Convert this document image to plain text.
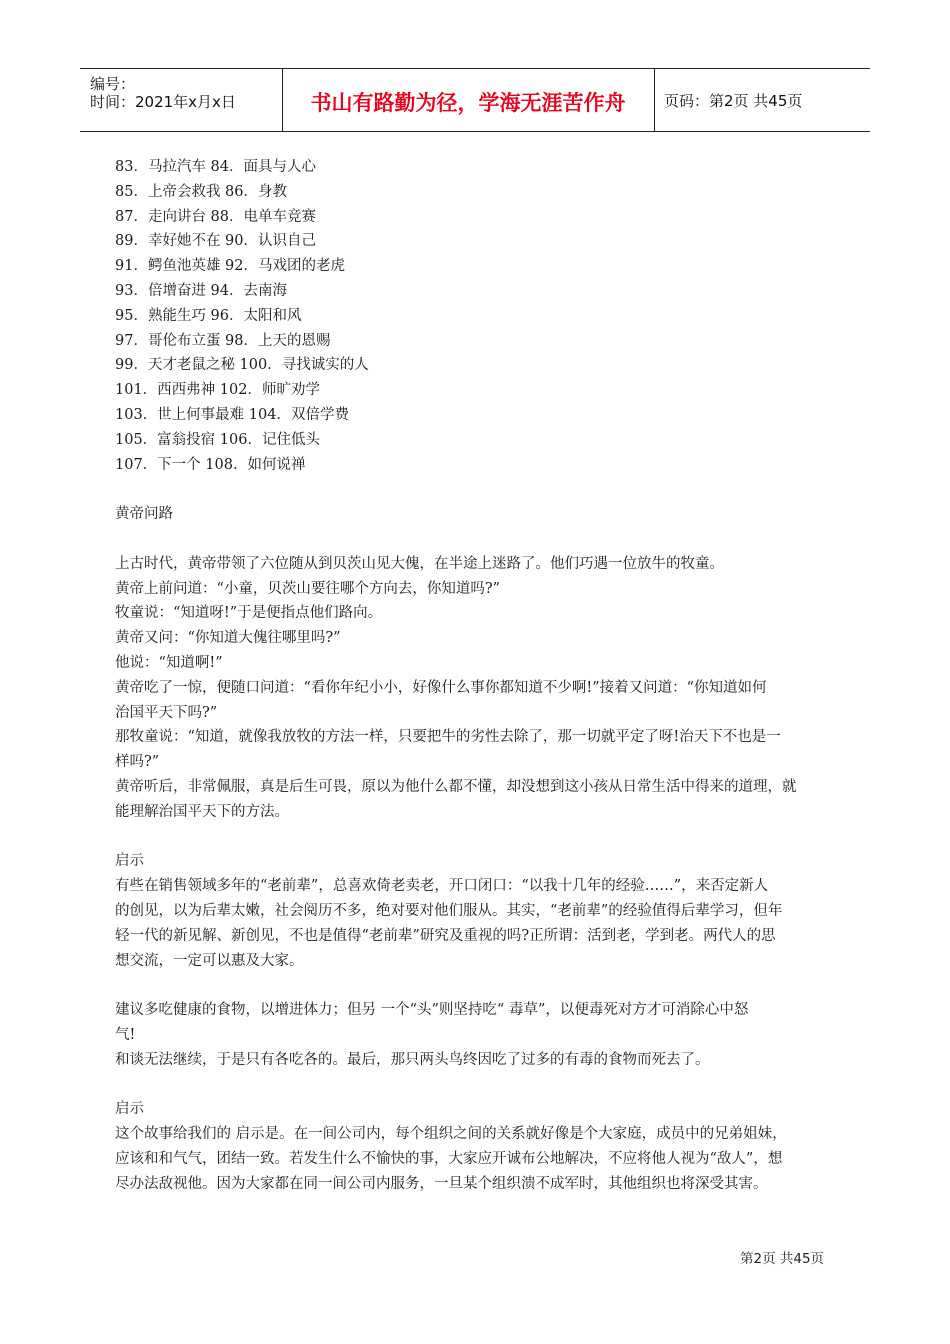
编号：
时间：2021年x月x日	书山有路勤为径，学海无涯苦作舟	页码：第2页 共45页
83．马拉汽车 84．面具与人心
85．上帝会救我 86．身教
87．走向讲台 88．电单车竞赛
89．幸好她不在 90．认识自己
91．鳄鱼池英雄 92．马戏团的老虎
93．倍增奋进 94．去南海
95．熟能生巧 96．太阳和风
97．哥伦布立蛋 98．上天的恩赐
99．天才老鼠之秘 100．寻找诚实的人
101．西西弗神 102．师旷劝学
103．世上何事最难 104．双倍学费
105．富翁投宿 106．记住低头
107．下一个 108．如何说禅
黄帝问路
上古时代，黄帝带领了六位随从到贝茨山见大傀，在半途上迷路了。他们巧遇一位放牛的牧童。
黄帝上前问道：“小童，贝茨山要往哪个方向去，你知道吗?”
牧童说：“知道呀!”于是便指点他们路向。
黄帝又问：“你知道大傀往哪里吗?”
他说：“知道啊!”
黄帝吃了一惊，便随口问道：“看你年纪小小，好像什么事你都知道不少啊!”接着又问道：“你知道如何
治国平天下吗?”
那牧童说：“知道，就像我放牧的方法一样，只要把牛的劣性去除了，那一切就平定了呀!治天下不也是一
样吗?”
黄帝听后，非常佩服，真是后生可畏，原以为他什么都不懂，却没想到这小孩从日常生活中得来的道理，就
能理解治国平天下的方法。
启示
有些在销售领域多年的“老前辈”，总喜欢倚老卖老，开口闭口：“以我十几年的经验……”，来否定新人
的创见，以为后辈太嫩，社会阅历不多，绝对要对他们服从。其实，“老前辈”的经验值得后辈学习，但年
轻一代的新见解、新创见，不也是值得“老前辈”研究及重视的吗?正所谓：活到老，学到老。两代人的思
想交流，一定可以惠及大家。
建议多吃健康的食物，以增进体力；但另 一个“头”则坚持吃“ 毒草”，以便毒死对方才可消除心中怒
气!
和谈无法继续，于是只有各吃各的。最后，那只两头鸟终因吃了过多的有毒的食物而死去了。
启示
这个故事给我们的 启示是。在一间公司内，每个组织之间的关系就好像是个大家庭，成员中的兄弟姐妹，
应该和和气气，团结一致。若发生什么不愉快的事，大家应开诚布公地解决，不应将他人视为“敌人”，想
尽办法敌视他。因为大家都在同一间公司内服务，一旦某个组织溃不成军时，其他组织也将深受其害。
第2页 共45页
